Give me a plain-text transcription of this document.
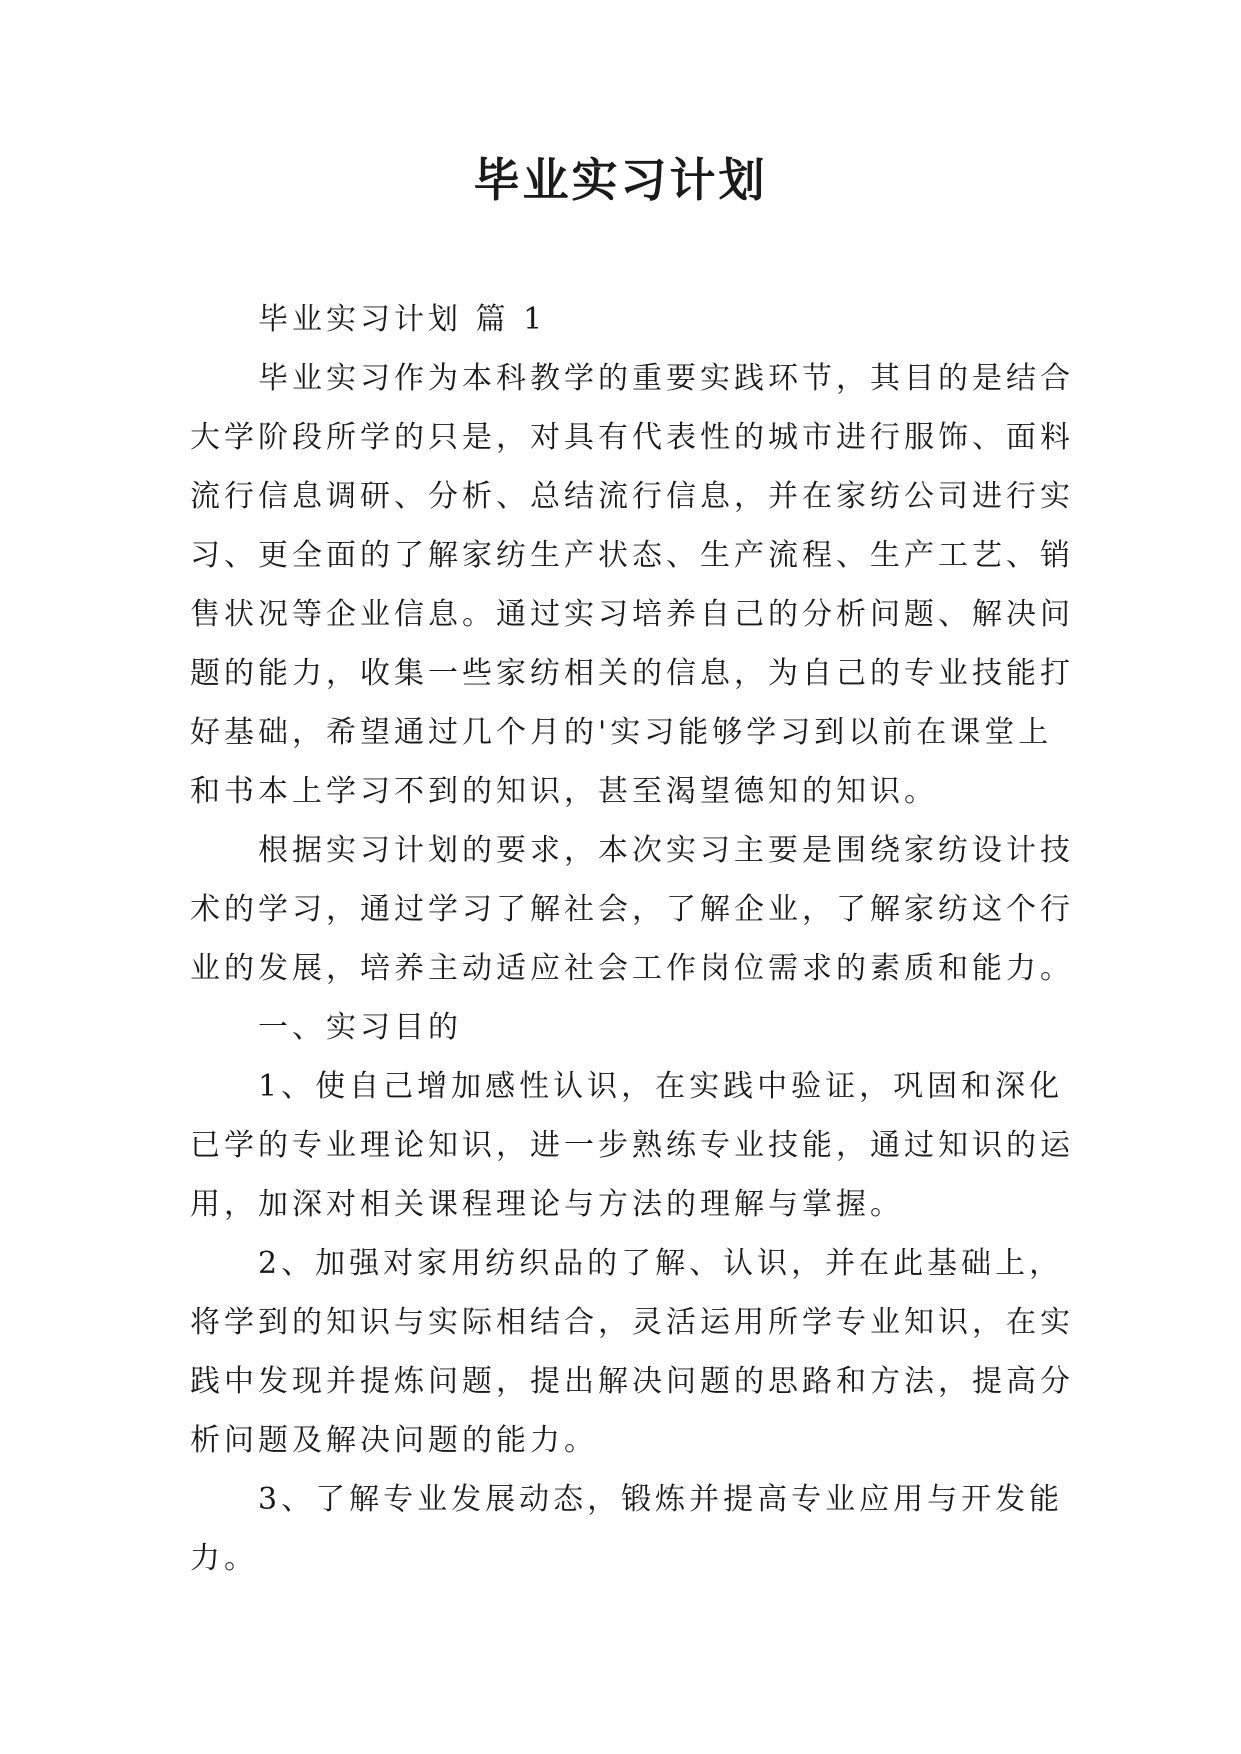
毕业实习计划

毕业实习计划 篇 1

毕业实习作为本科教学的重要实践环节，其目的是结合

大学阶段所学的只是，对具有代表性的城市进行服饰、面料

流行信息调研、分析、总结流行信息，并在家纺公司进行实

习、更全面的了解家纺生产状态、生产流程、生产工艺、销

售状况等企业信息。通过实习培养自己的分析问题、解决问

题的能力，收集一些家纺相关的信息，为自己的专业技能打

好基础，希望通过几个月的'实习能够学习到以前在课堂上

和书本上学习不到的知识，甚至渴望德知的知识。

根据实习计划的要求，本次实习主要是围绕家纺设计技

术的学习，通过学习了解社会，了解企业，了解家纺这个行

业的发展，培养主动适应社会工作岗位需求的素质和能力。

一、实习目的

1、使自己增加感性认识，在实践中验证，巩固和深化

已学的专业理论知识，进一步熟练专业技能，通过知识的运

用，加深对相关课程理论与方法的理解与掌握。

2、加强对家用纺织品的了解、认识，并在此基础上，

将学到的知识与实际相结合，灵活运用所学专业知识，在实

践中发现并提炼问题，提出解决问题的思路和方法，提高分

析问题及解决问题的能力。

3、了解专业发展动态，锻炼并提高专业应用与开发能

力。
